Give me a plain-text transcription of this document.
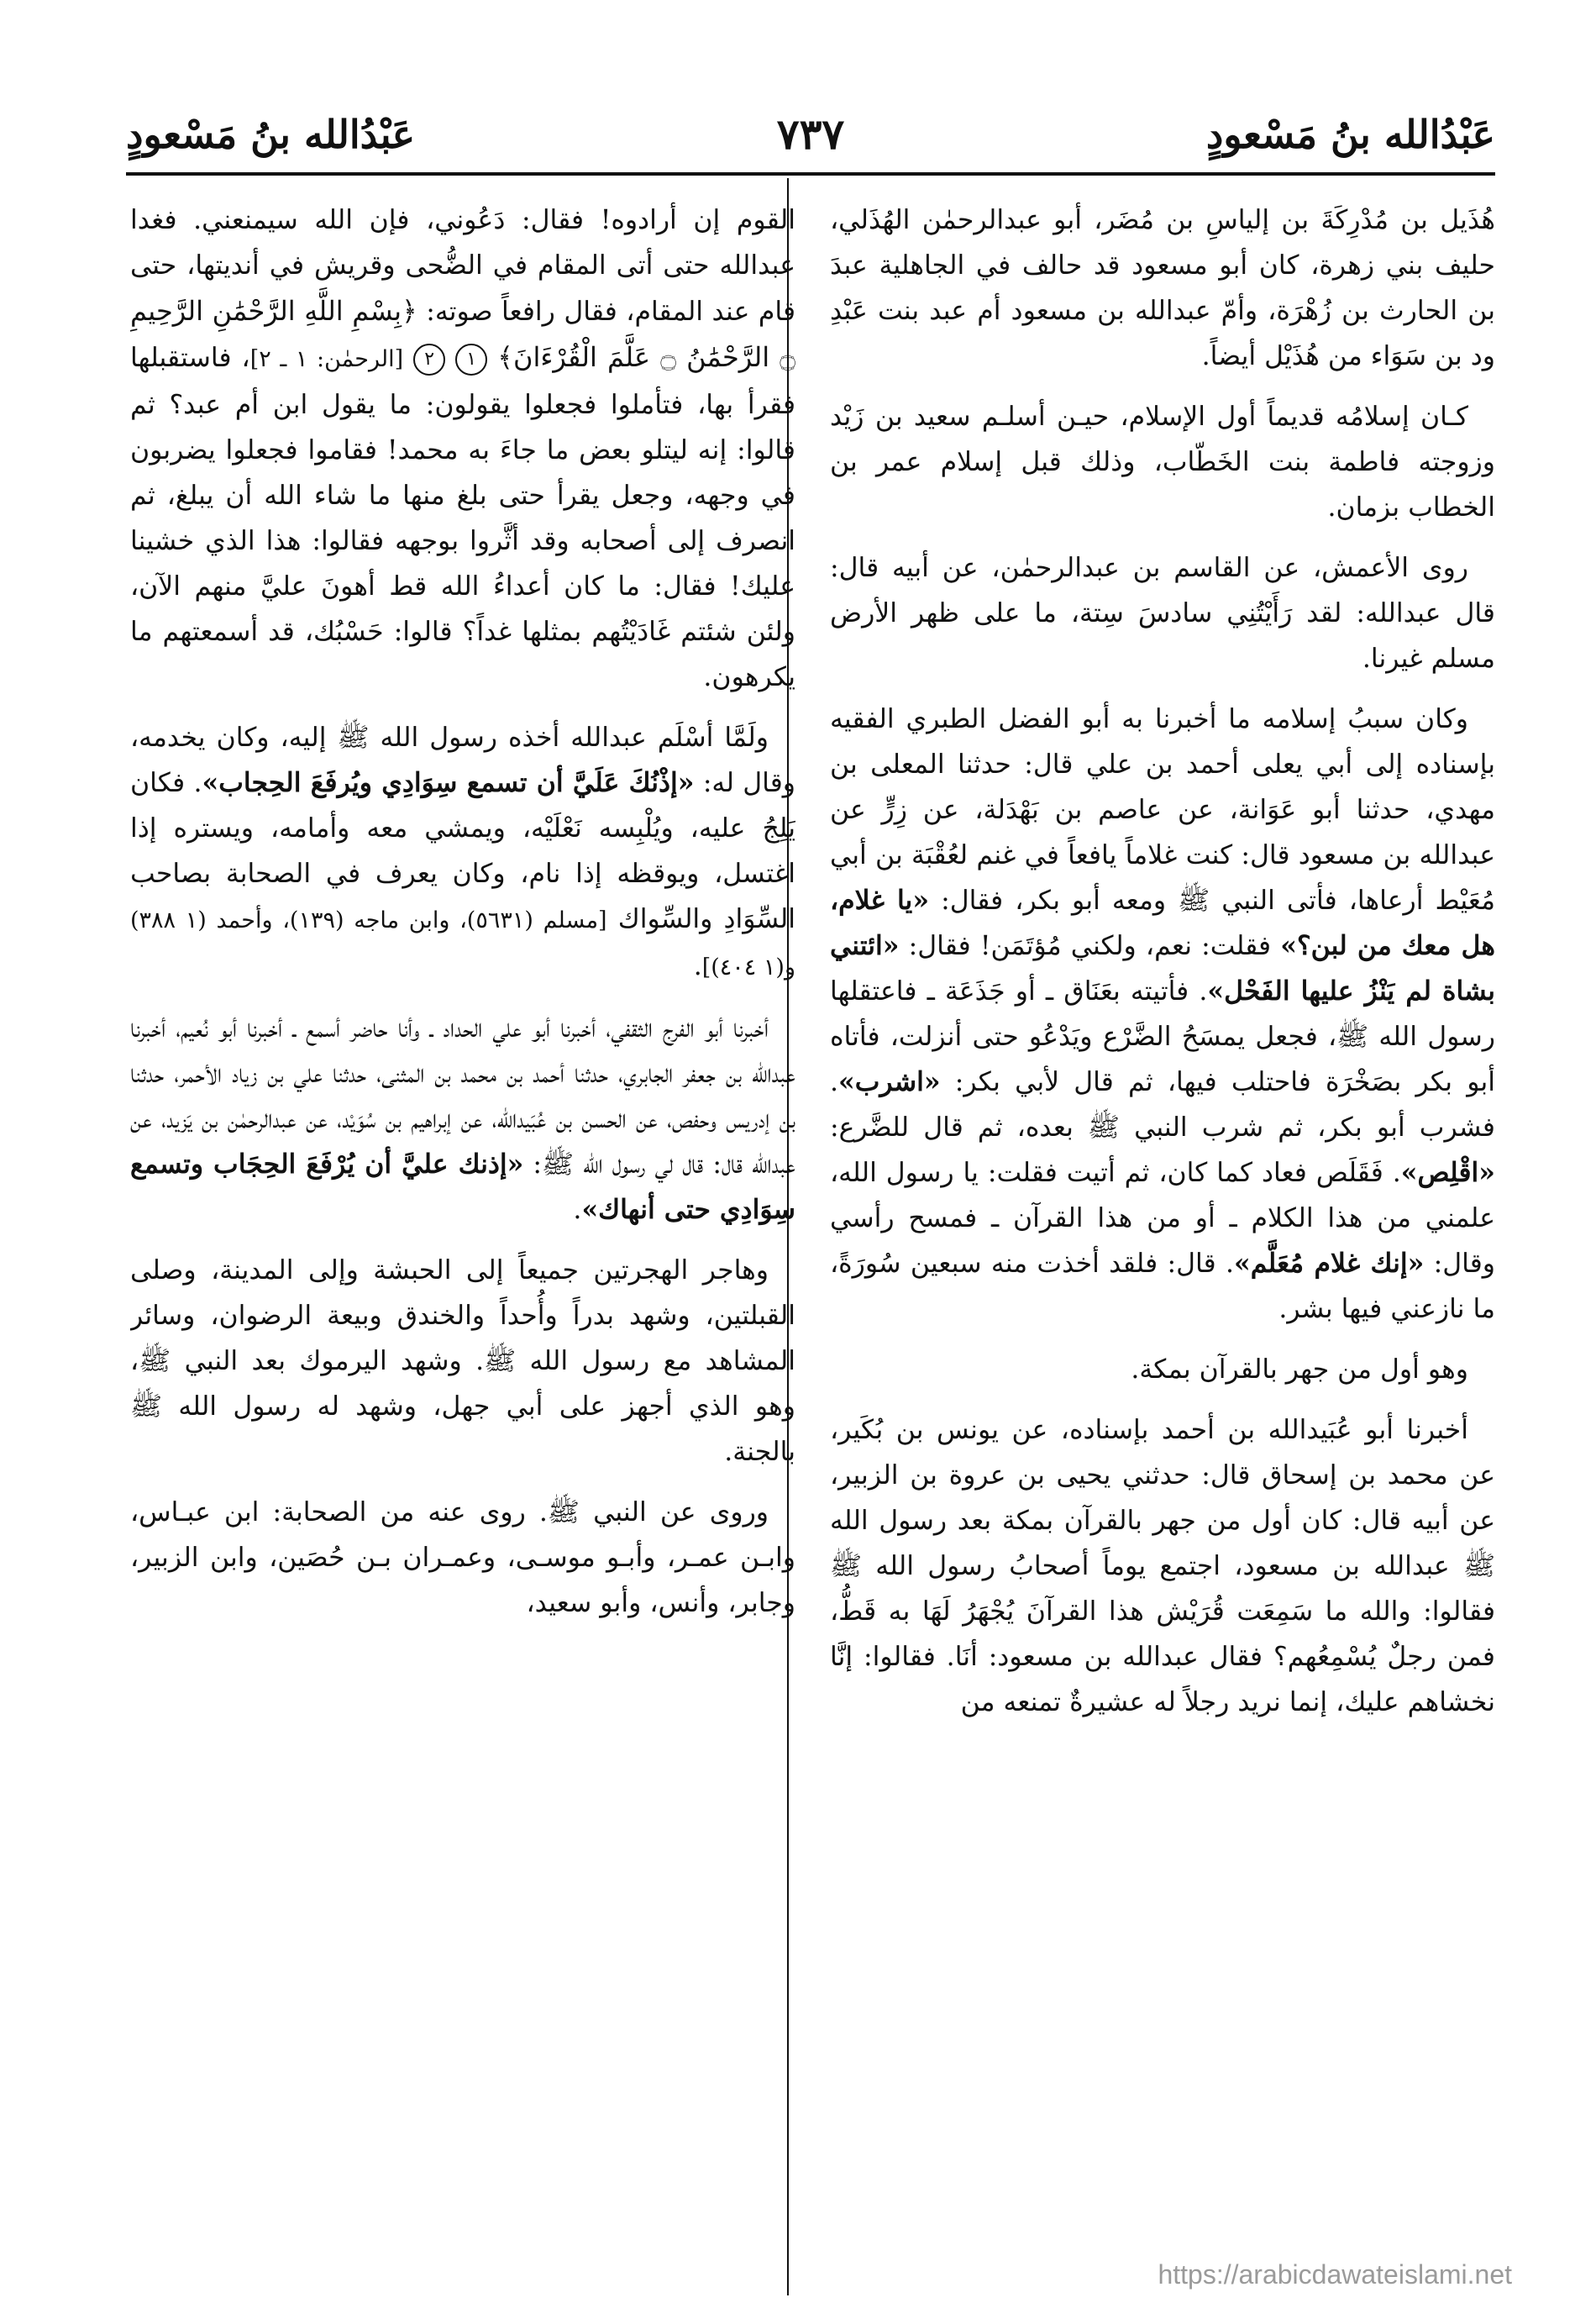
عَبْدُالله بنُ مَسْعودٍ
٧٣٧
عَبْدُالله بنُ مَسْعودٍ

هُذَيل بن مُدْرِكَةَ بن إلياسِ بن مُضَر، أبو عبدالرحمٰن الهُذَلي، حليف بني زهرة، كان أبو مسعود قد حالف في الجاهلية عبدَ بن الحارث بن زُهْرَة، وأمّ عبدالله بن مسعود أم عبد بنت عَبْدِ ود بن سَوَاء من هُذَيْل أيضاً.

كـان إسلامُه قديماً أول الإسلام، حيـن أسلـم سعيد بن زَيْد وزوجته فاطمة بنت الخَطّاب، وذلك قبل إسلام عمر بن الخطاب بزمان.

روى الأعمش، عن القاسم بن عبدالرحمٰن، عن أبيه قال: قال عبدالله: لقد رَأَيْتُنِي سادسَ سِتة، ما على ظهر الأرض مسلم غيرنا.

وكان سببُ إسلامه ما أخبرنا به أبو الفضل الطبري الفقيه بإسناده إلى أبي يعلى أحمد بن علي قال: حدثنا المعلى بن مهدي، حدثنا أبو عَوَانة، عن عاصم بن بَهْدَلة، عن زِرٍّ عن عبدالله بن مسعود قال: كنت غلاماً يافعاً في غنم لعُقْبَة بن أبي مُعَيْط أرعاها، فأتى النبي ﷺ ومعه أبو بكر، فقال: «يا غلام، هل معك من لبن؟» فقلت: نعم، ولكني مُؤتَمَن! فقال: «ائتني بشاة لم يَنْزُ عليها الفَحْل». فأتيته بعَنَاق ـ أو جَذَعَة ـ فاعتقلها رسول الله ﷺ، فجعل يمسَحُ الضَّرْع ويَدْعُو حتى أنزلت، فأتاه أبو بكر بصَخْرَة فاحتلب فيها، ثم قال لأبي بكر: «اشرب». فشرب أبو بكر، ثم شرب النبي ﷺ بعده، ثم قال للضَّرع: «اقْلِص». فَقَلَص فعاد كما كان، ثم أتيت فقلت: يا رسول الله، علمني من هذا الكلام ـ أو من هذا القرآن ـ فمسح رأسي وقال: «إنك غلام مُعَلَّم». قال: فلقد أخذت منه سبعين سُورَةً، ما نازعني فيها بشر.

وهو أول من جهر بالقرآن بمكة.

أخبرنا أبو عُبَيدالله بن أحمد بإسناده، عن يونس بن بُكَير، عن محمد بن إسحاق قال: حدثني يحيى بن عروة بن الزبير، عن أبيه قال: كان أول من جهر بالقرآن بمكة بعد رسول الله ﷺ عبدالله بن مسعود، اجتمع يوماً أصحابُ رسول الله ﷺ فقالوا: والله ما سَمِعَت قُرَيْش هذا القرآنَ يُجْهَرُ لَهَا به قَطُّ، فمن رجلٌ يُسْمِعُهم؟ فقال عبدالله بن مسعود: أنَا. فقالوا: إنَّا نخشاهم عليك، إنما نريد رجلاً له عشيرةٌ تمنعه من

القوم إن أرادوه! فقال: دَعُوني، فإن الله سيمنعني. فغدا عبدالله حتى أتى المقام في الضُّحى وقريش في أنديتها، حتى قام عند المقام، فقال رافعاً صوته: ﴿بِسْمِ اللَّهِ الرَّحْمَٰنِ الرَّحِيمِ ۝ الرَّحْمَٰنُ ۝ عَلَّمَ الْقُرْءَانَ﴾ ١ ٢ [الرحمٰن: ١ ـ ٢]، فاستقبلها فقرأ بها، فتأملوا فجعلوا يقولون: ما يقول ابن أم عبد؟ ثم قالوا: إنه ليتلو بعض ما جاءَ به محمد! فقاموا فجعلوا يضربون في وجهه، وجعل يقرأ حتى بلغ منها ما شاء الله أن يبلغ، ثم انصرف إلى أصحابه وقد أثَّروا بوجهه فقالوا: هذا الذي خشينا عليك! فقال: ما كان أعداءُ الله قط أهونَ عليَّ منهم الآن، ولئن شئتم غَادَيْتُهم بمثلها غداً؟ قالوا: حَسْبُك، قد أسمعتهم ما يكرهون.

ولَمَّا أسْلَم عبدالله أخذه رسول الله ﷺ إليه، وكان يخدمه، وقال له: «إذْنُكَ عَلَيَّ أن تسمع سِوَادِي ويُرفَعَ الحِجاب». فكان يَلِجُ عليه، ويُلْبِسه نَعْلَيْه، ويمشي معه وأمامه، ويستره إذا اغتسل، ويوقظه إذا نام، وكان يعرف في الصحابة بصاحب السِّوَادِ والسِّواك [مسلم (٥٦٣١)، وابن ماجه (١٣٩)، وأحمد (١ ٣٨٨) و(١ ٤٠٤)].

أخبرنا أبو الفرج الثقفي، أخبرنا أبو علي الحداد ـ وأنا حاضر أسمع ـ أخبرنا أبو نُعيم، أخبرنا عبدالله بن جعفر الجابري، حدثنا أحمد بن محمد بن المثنى، حدثنا علي بن زياد الأحمر، حدثنا بن إدريس وحفص، عن الحسن بن عُبَيدالله، عن إبراهيم بن سُوَيْد، عن عبدالرحمٰن بن يَزيد، عن عبدالله قال: قال لي رسول الله ﷺ: «إذنك عليَّ أن يُرْفَعَ الحِجَاب وتسمع سِوَادِي حتى أنهاك».

وهاجر الهجرتين جميعاً إلى الحبشة وإلى المدينة، وصلى القبلتين، وشهد بدراً وأُحداً والخندق وبيعة الرضوان، وسائر المشاهد مع رسول الله ﷺ. وشهد اليرموك بعد النبي ﷺ، وهو الذي أجهز على أبي جهل، وشهد له رسول الله ﷺ بالجنة.

وروى عن النبي ﷺ. روى عنه من الصحابة: ابن عبـاس، وابـن عمـر، وأبـو موسـى، وعمـران بـن حُصَين، وابن الزبير، وجابر، وأنس، وأبو سعيد،

https://arabicdawateislami.net
